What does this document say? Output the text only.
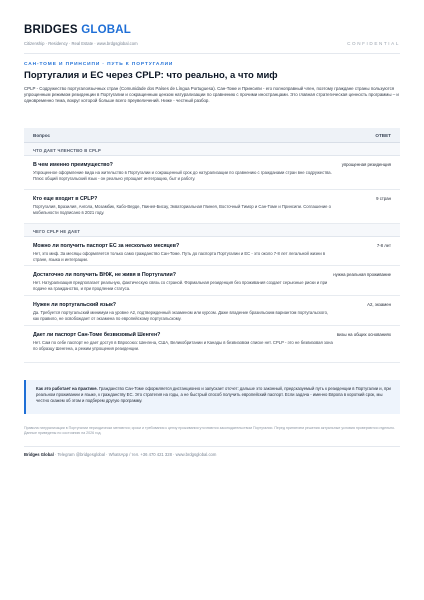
BRIDGES GLOBAL
Citizenship · Residency · Real Estate · www.brdgsglobal.com	CONFIDENTIAL
САН-ТОМЕ И ПРИНСИПИ · ПУТЬ К ПОРТУГАЛИИ
Португалия и ЕС через CPLP: что реально, а что миф
CPLP - Содружество португалоязычных стран (Comunidade dos Países de Língua Portuguesa). Сан-Томе и Принсипи - его полноправный член, поэтому граждане страны пользуются упрощенным режимом резиденции в Португалии и сокращенным цензом натурализации по сравнению с прочими иностранцами. Это главная стратегическая ценность программы – и одновременно тема, вокруг которой больше всего преувеличений. Ниже - честный разбор.
Вопрос	ОТВЕТ
ЧТО ДАЕТ ЧЛЕНСТВО В CPLP
В чем именно преимущество?
Упрощенное оформление вида на жительство в Португалии и сокращенный срок до натурализации по сравнению с гражданами стран вне содружества. Плюс общий португальский язык - он реально упрощает интеграцию, быт и работу.
упрощенная резиденция
Кто еще входит в CPLP?
Португалия, Бразилия, Ангола, Мозамбик, Кабо-Верде, Гвинея-Бисау, Экваториальная Гвинея, Восточный Тимор и Сан-Томе и Принсипи. Соглашение о мобильности подписано в 2021 году.
9 стран
ЧЕГО CPLP НЕ ДАЕТ
Можно ли получить паспорт ЕС за несколько месяцев?
Нет, это миф. За месяцы оформляется только само гражданство Сан-Томе. Путь до паспорта Португалии и ЕС - это около 7-8 лет легальной жизни в стране, языка и интеграции.
7-8 лет
Достаточно ли получить ВНЖ, не живя в Португалии?
Нет. Натурализация предполагает реальную, фактическую связь со страной. Формальная резиденция без проживания создает серьезные риски и при подаче на гражданство, и при продлении статуса.
нужна реальная проживание
Нужен ли португальский язык?
Да. Требуется португальский минимум на уровне A2, подтвержденный экзаменом или курсом. Даже владение бразильским вариантом португальского, как правило, не освобождает от экзамена по европейскому португальскому.
A2, экзамен
Дает ли паспорт Сан-Томе безвизовый Шенген?
Нет. Сам по себе паспорт не дает доступ в Евросоюз: Шенгена, США, Великобритании и Канады в безвизовом списке нет. CPLP - это не безвизовая зона по образцу Шенгена, а режим упрощения резиденции.
визы на общих основаниях

Как это работает на практике. Гражданство Сан-Томе оформляется дистанционно и запускает отсчет: дальше это законный, предсказуемый путь к резиденции в Португалии и, при реальном проживании и языке, к гражданству ЕС. Это стратегия на годы, а не быстрый способ получить европейский паспорт. Если задача - именно Европа в короткий срок, мы честно скажем об этом и подберем другую программу.

Правила натурализации в Португалии периодически меняются; сроки и требования к цензу проживания уточняются законодательством Португалии. Перед принятием решения актуальные условия проверяются отдельно. Данные приведены по состоянию на 2026 год.
Bridges Global · Telegram @bridgesglobal · WhatsApp / тел. +36 470 421 328 · www.brdgsglobal.com
